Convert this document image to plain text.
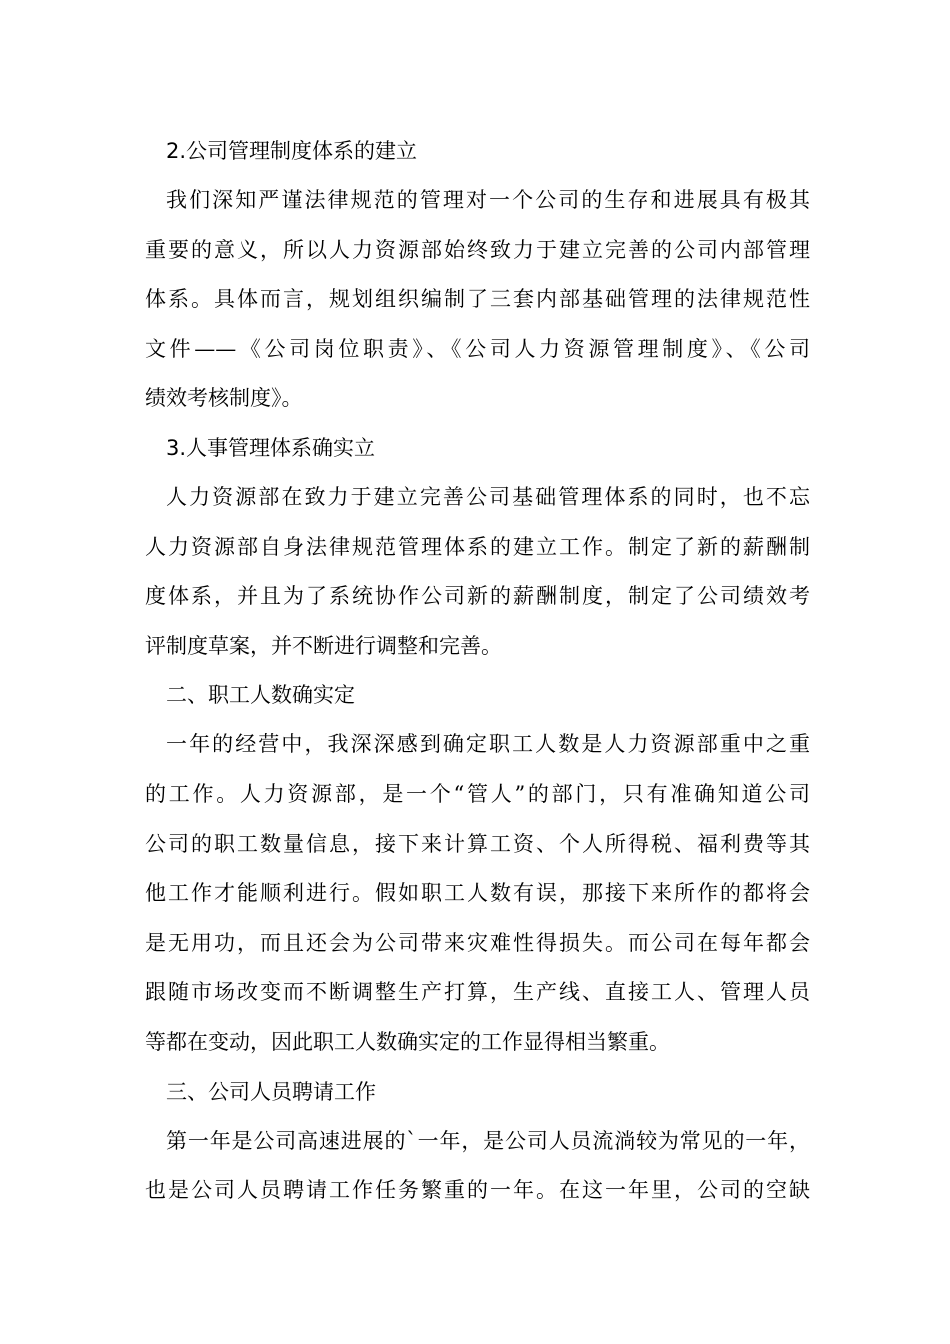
2.公司管理制度体系的建立
我们深知严谨法律规范的管理对一个公司的生存和进展具有极其
重要的意义，所以人力资源部始终致力于建立完善的公司内部管理
体系。具体而言，规划组织编制了三套内部基础管理的法律规范性
文件——《公司岗位职责》、《公司人力资源管理制度》、《公司
绩效考核制度》。
3.人事管理体系确实立
人力资源部在致力于建立完善公司基础管理体系的同时，也不忘
人力资源部自身法律规范管理体系的建立工作。制定了新的薪酬制
度体系，并且为了系统协作公司新的薪酬制度，制定了公司绩效考
评制度草案，并不断进行调整和完善。
二、职工人数确实定
一年的经营中，我深深感到确定职工人数是人力资源部重中之重
的工作。人力资源部，是一个“管人”的部门，只有准确知道公司
公司的职工数量信息，接下来计算工资、个人所得税、福利费等其
他工作才能顺利进行。假如职工人数有误，那接下来所作的都将会
是无用功，而且还会为公司带来灾难性得损失。而公司在每年都会
跟随市场改变而不断调整生产打算，生产线、直接工人、管理人员
等都在变动，因此职工人数确实定的工作显得相当繁重。
三、公司人员聘请工作
第一年是公司高速进展的`一年，是公司人员流淌较为常见的一年，
也是公司人员聘请工作任务繁重的一年。在这一年里，公司的空缺
